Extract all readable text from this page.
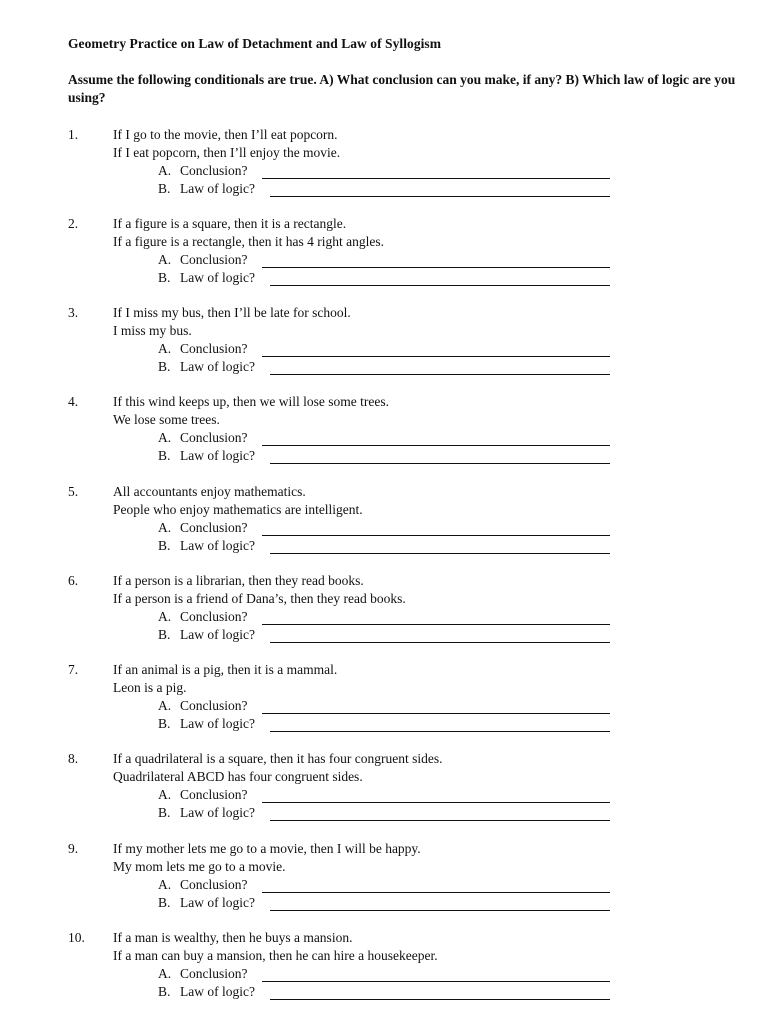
Geometry Practice on Law of Detachment and Law of Syllogism
Assume the following conditionals are true. A) What conclusion can you make, if any? B) Which law of logic are you using?
1.	If I go to the movie, then I’ll eat popcorn.
If I eat popcorn, then I’ll enjoy the movie.
A. Conclusion?
B. Law of logic?
2.	If a figure is a square, then it is a rectangle.
If a figure is a rectangle, then it has 4 right angles.
A. Conclusion?
B. Law of logic?
3.	If I miss my bus, then I’ll be late for school.
I miss my bus.
A. Conclusion?
B. Law of logic?
4.	If this wind keeps up, then we will lose some trees.
We lose some trees.
A. Conclusion?
B. Law of logic?
5.	All accountants enjoy mathematics.
People who enjoy mathematics are intelligent.
A. Conclusion?
B. Law of logic?
6.	If a person is a librarian, then they read books.
If a person is a friend of Dana’s, then they read books.
A. Conclusion?
B. Law of logic?
7.	If an animal is a pig, then it is a mammal.
Leon is a pig.
A. Conclusion?
B. Law of logic?
8.	If a quadrilateral is a square, then it has four congruent sides.
Quadrilateral ABCD has four congruent sides.
A. Conclusion?
B. Law of logic?
9.	If my mother lets me go to a movie, then I will be happy.
My mom lets me go to a movie.
A. Conclusion?
B. Law of logic?
10. If a man is wealthy, then he buys a mansion.
If a man can buy a mansion, then he can hire a housekeeper.
A. Conclusion?
B. Law of logic?
